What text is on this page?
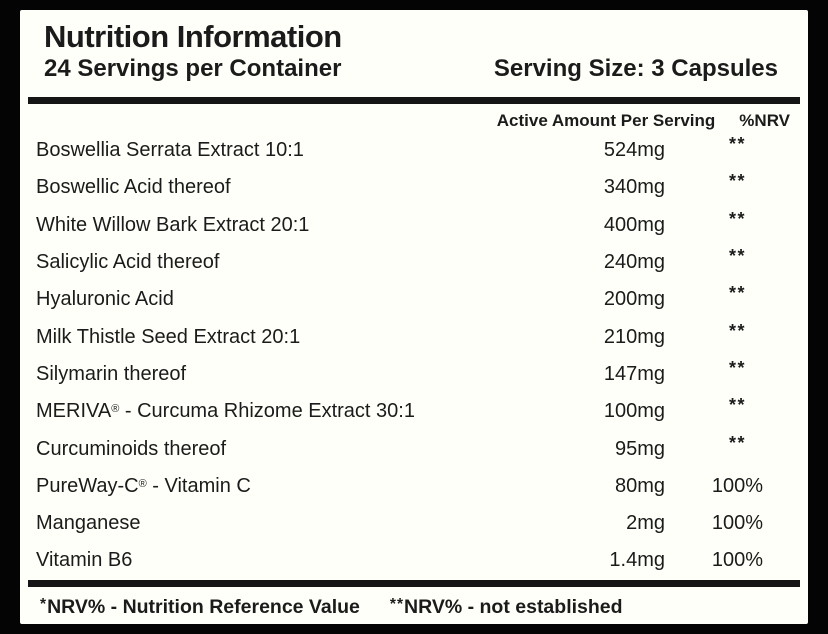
Nutrition Information
24 Servings per Container	Serving Size: 3 Capsules
Active Amount Per Serving %NRV
Boswellia Serrata Extract 10:1	524mg	**
Boswellic Acid thereof	340mg	**
White Willow Bark Extract 20:1	400mg	**
Salicylic Acid thereof	240mg	**
Hyaluronic Acid	200mg	**
Milk Thistle Seed Extract 20:1	210mg	**
Silymarin thereof	147mg	**
MERIVA® - Curcuma Rhizome Extract 30:1	100mg	**
Curcuminoids thereof	95mg	**
PureWay-C® - Vitamin C	80mg	100%
Manganese	2mg	100%
Vitamin B6	1.4mg	100%
*NRV% - Nutrition Reference Value **NRV% - not established
